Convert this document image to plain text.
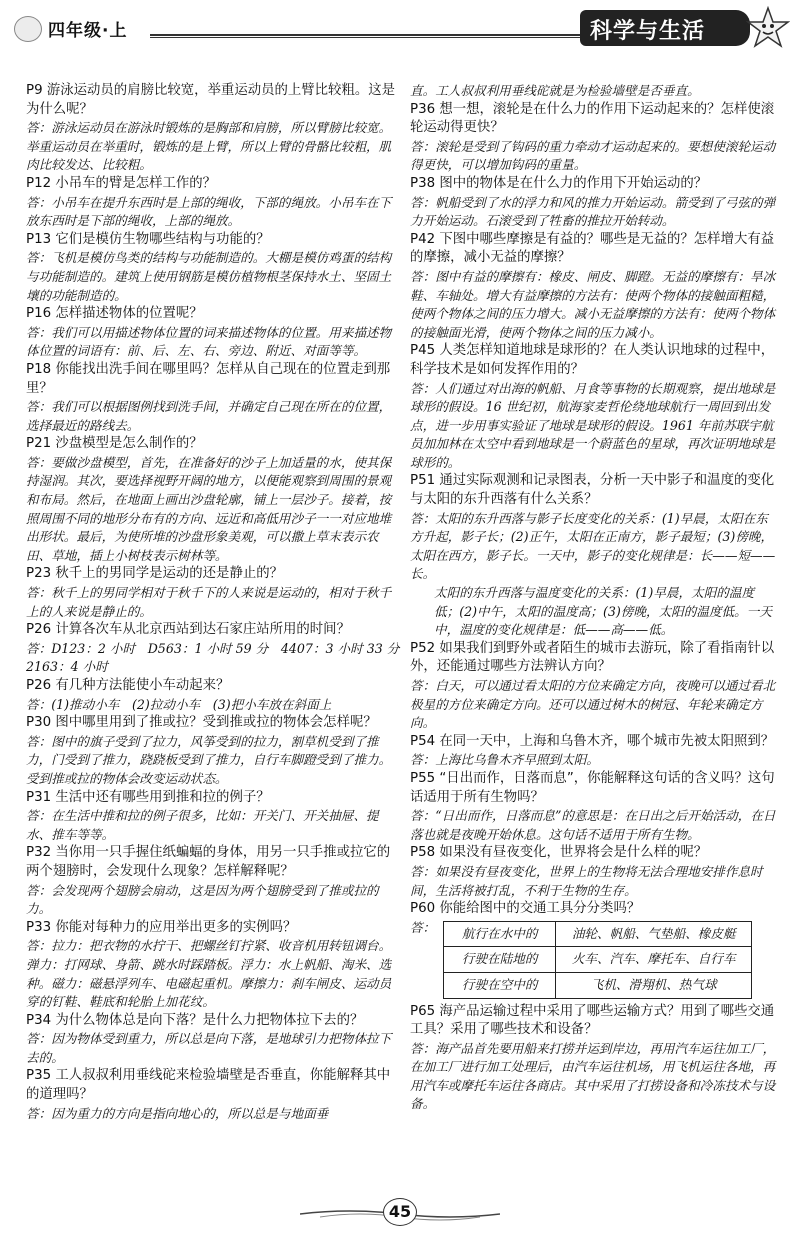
四年级·上	科学与生活
P9 游泳运动员的肩膀比较宽，举重运动员的上臂比较粗。这是为什么呢？
答：游泳运动员在游泳时锻炼的是胸部和肩膀，所以臂膀比较宽。举重运动员在举重时，锻炼的是上臂，所以上臂的骨骼比较粗，肌肉比较发达、比较粗。
P12 小吊车的臂是怎样工作的？
答：小吊车在提升东西时是上部的绳收，下部的绳放。小吊车在下放东西时是下部的绳收，上部的绳放。
P13 它们是模仿生物哪些结构与功能的？
答：飞机是模仿鸟类的结构与功能制造的。大棚是模仿鸡蛋的结构与功能制造的。建筑上使用钢筋是模仿植物根茎保持水土、坚固土壤的功能制造的。
P16 怎样描述物体的位置呢？
答：我们可以用描述物体位置的词来描述物体的位置。用来描述物体位置的词语有：前、后、左、右、旁边、附近、对面等等。
P18 你能找出洗手间在哪里吗？怎样从自己现在的位置走到那里？
答：我们可以根据图例找到洗手间，并确定自己现在所在的位置，选择最近的路线去。
P21 沙盘模型是怎么制作的？
答：要做沙盘模型，首先，在准备好的沙子上加适量的水，使其保持湿润。其次，要选择视野开阔的地方，以便能观察到周围的景观和布局。然后，在地面上画出沙盘轮廓，铺上一层沙子。接着，按照周围不同的地形分布有的方向、远近和高低用沙子一一对应地堆出形状。最后，为使所堆的沙盘形象美观，可以撒上草末表示农田、草地，插上小树枝表示树林等。
P23 秋千上的男同学是运动的还是静止的？
答：秋千上的男同学相对于秋千下的人来说是运动的，相对于秋千上的人来说是静止的。
P26 计算各次车从北京西站到达石家庄站所用的时间？
答：D123：2 小时　D563：1 小时 59 分　4407：3 小时 33 分　2163：4 小时
P26 有几种方法能使小车动起来？
答：(1)推动小车　(2)拉动小车　(3)把小车放在斜面上
P30 图中哪里用到了推或拉？受到推或拉的物体会怎样呢？
答：图中的旗子受到了拉力，风筝受到的拉力，割草机受到了推力，门受到了推力，跷跷板受到了推力，自行车脚蹬受到了推力。受到推或拉的物体会改变运动状态。
P31 生活中还有哪些用到推和拉的例子？
答：在生活中推和拉的例子很多，比如：开关门、开关抽屉、提水、推车等等。
P32 当你用一只手握住纸蝙蝠的身体，用另一只手推或拉它的两个翅膀时，会发现什么现象？怎样解释呢？
答：会发现两个翅膀会扇动，这是因为两个翅膀受到了推或拉的力。
P33 你能对每种力的应用举出更多的实例吗？
答：拉力：把衣物的水拧干、把螺丝钉拧紧、收音机用转钮调台。弹力：打网球、身箭、跳水时踩踏板。浮力：水上帆船、淘米、选种。磁力：磁悬浮列车、电磁起重机。摩擦力：刹车闸皮、运动员穿的钉鞋、鞋底和轮胎上加花纹。
P34 为什么物体总是向下落？是什么力把物体拉下去的？
答：因为物体受到重力，所以总是向下落，是地球引力把物体拉下去的。
P35 工人叔叔利用垂线砣来检验墙壁是否垂直，你能解释其中的道理吗？
答：因为重力的方向是指向地心的，所以总是与地面垂
直。工人叔叔利用垂线砣就是为检验墙壁是否垂直。
P36 想一想，滚轮是在什么力的作用下运动起来的？怎样使滚轮运动得更快？
答：滚轮是受到了钩码的重力牵动才运动起来的。要想使滚轮运动得更快，可以增加钩码的重量。
P38 图中的物体是在什么力的作用下开始运动的？
答：帆船受到了水的浮力和风的推力开始运动。箭受到了弓弦的弹力开始运动。石滚受到了牲畜的推拉开始转动。
P42 下图中哪些摩擦是有益的？哪些是无益的？怎样增大有益的摩擦，减小无益的摩擦？
答：图中有益的摩擦有：橡皮、闸皮、脚蹬。无益的摩擦有：旱冰鞋、车轴处。增大有益摩擦的方法有：使两个物体的接触面粗糙，使两个物体之间的压力增大。减小无益摩擦的方法有：使两个物体的接触面光滑，使两个物体之间的压力减小。
P45 人类怎样知道地球是球形的？在人类认识地球的过程中，科学技术是如何发挥作用的？
答：人们通过对出海的帆船、月食等事物的长期观察，提出地球是球形的假设。16 世纪初，航海家麦哲伦绕地球航行一周回到出发点，进一步用事实验证了地球是球形的假设。1961 年前苏联宇航员加加林在太空中看到地球是一个蔚蓝色的星球，再次证明地球是球形的。
P51 通过实际观测和记录图表，分析一天中影子和温度的变化与太阳的东升西落有什么关系？
答：太阳的东升西落与影子长度变化的关系：(1)早晨，太阳在东方升起，影子长；(2)正午，太阳在正南方，影子最短；(3)傍晚，太阳在西方，影子长。一天中，影子的变化规律是：长——短——长。
太阳的东升西落与温度变化的关系：(1)早晨，太阳的温度低；(2)中午，太阳的温度高；(3)傍晚，太阳的温度低。一天中，温度的变化规律是：低——高——低。
P52 如果我们到野外或者陌生的城市去游玩，除了看指南针以外，还能通过哪些方法辨认方向？
答：白天，可以通过看太阳的方位来确定方向，夜晚可以通过看北极星的方位来确定方向。还可以通过树木的树冠、年轮来确定方向。
P54 在同一天中，上海和乌鲁木齐，哪个城市先被太阳照到？
答：上海比乌鲁木齐早照到太阳。
P55 “日出而作，日落而息”，你能解释这句话的含义吗？这句话适用于所有生物吗？
答：“日出而作，日落而息”的意思是：在日出之后开始活动，在日落也就是夜晚开始休息。这句话不适用于所有生物。
P58 如果没有昼夜变化，世界将会是什么样的呢？
答：如果没有昼夜变化，世界上的生物将无法合理地安排作息时间，生活将被打乱，不利于生物的生存。
P60 你能给图中的交通工具分分类吗？
答： 航行在水中的	油轮、帆船、气垫船、橡皮艇
行驶在陆地的	火车、汽车、摩托车、自行车
行驶在空中的	飞机、滑翔机、热气球
P65 海产品运输过程中采用了哪些运输方式？用到了哪些交通工具？采用了哪些技术和设备？
答：海产品首先要用船来打捞并运到岸边，再用汽车运往加工厂，在加工厂进行加工处理后，由汽车运往机场，用飞机运往各地，再用汽车或摩托车运往各商店。其中采用了打捞设备和冷冻技术与设备。
45
